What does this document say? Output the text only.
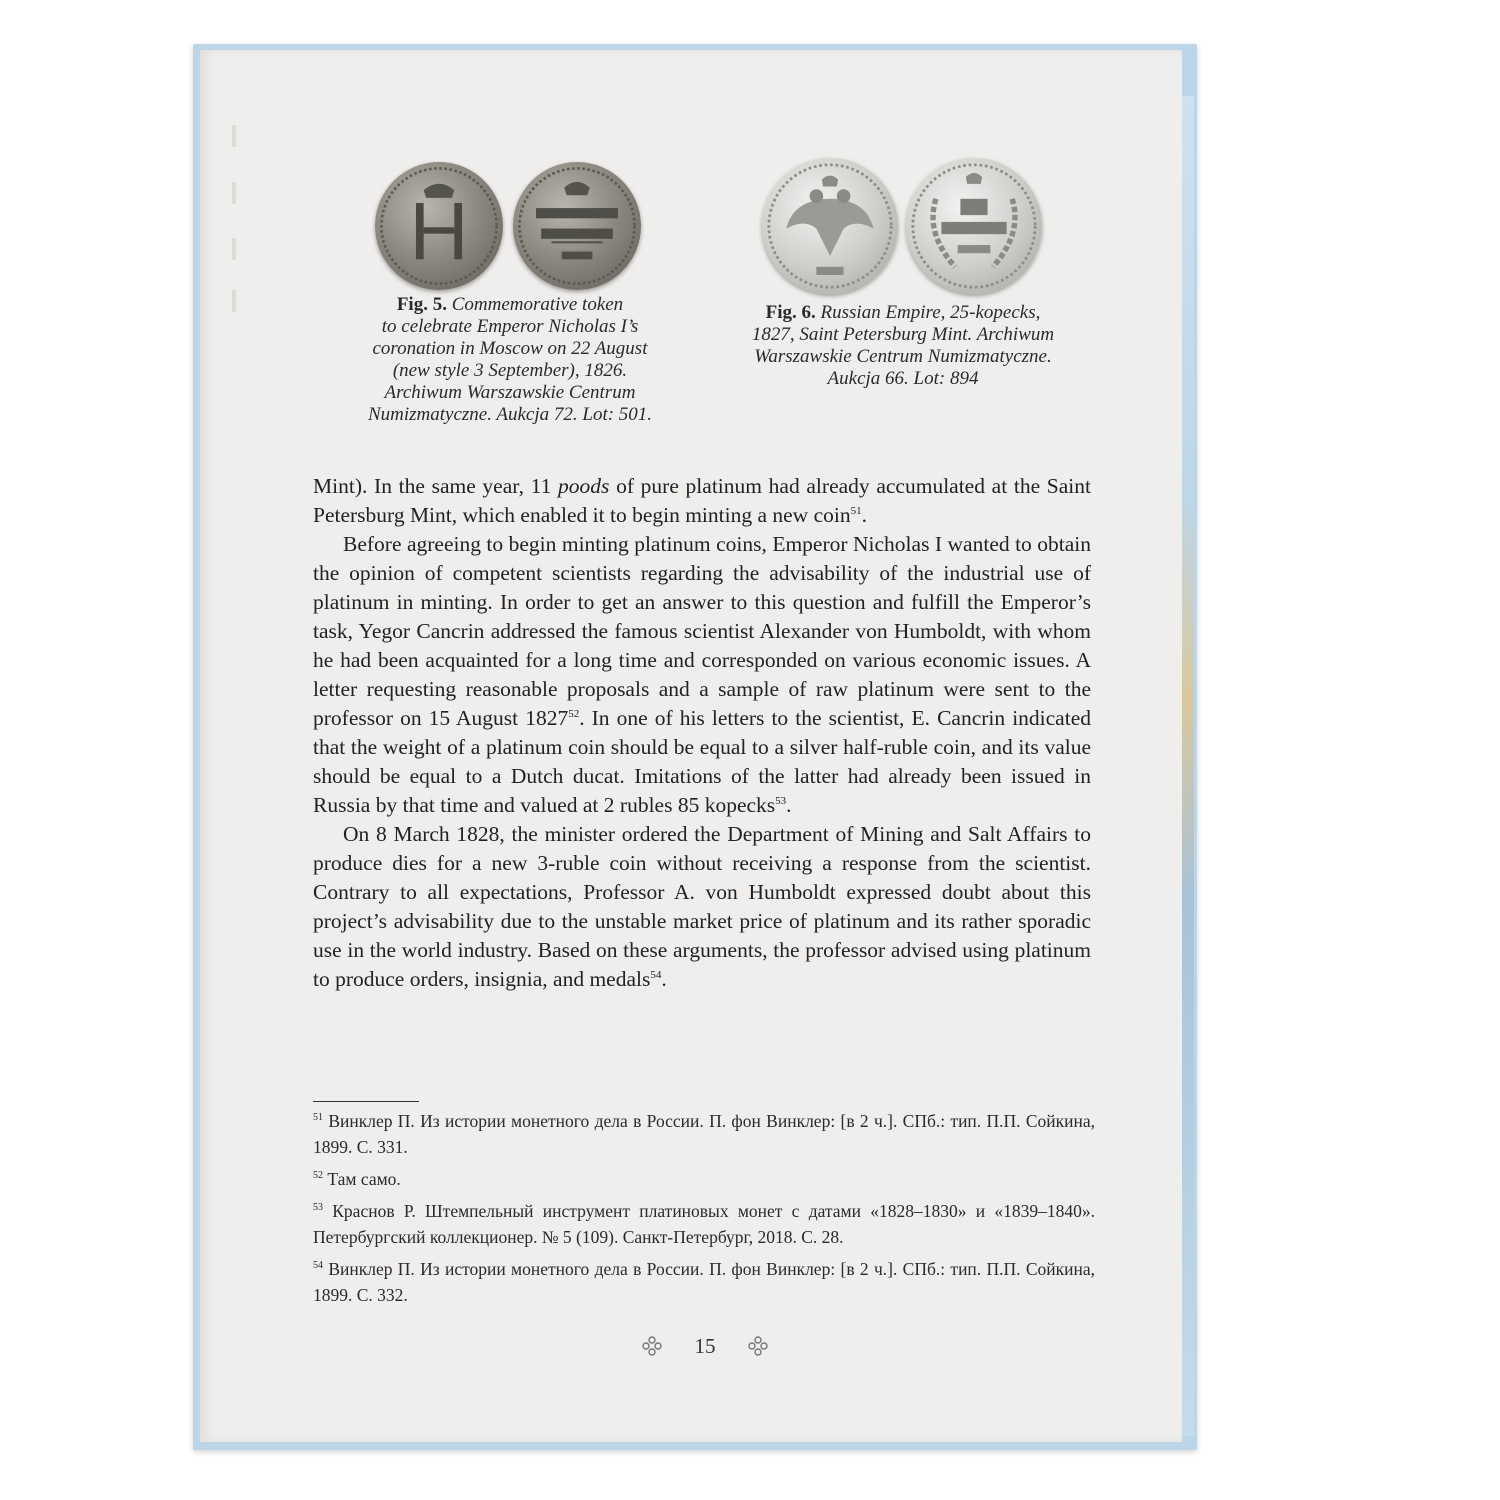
Fig. 5. Commemorative token
to celebrate Emperor Nicholas I’s
coronation in Moscow on 22 August
(new style 3 September), 1826.
Archiwum Warszawskie Centrum
Numizmatyczne. Aukcja 72. Lot: 501.
Fig. 6. Russian Empire, 25-kopecks,
1827, Saint Petersburg Mint. Archiwum
Warszawskie Centrum Numizmatyczne.
Aukcja 66. Lot: 894

Mint). In the same year, 11 poods of pure platinum had already accumulated at the Saint Petersburg Mint, which enabled it to begin minting a new coin$^{51}$.

Before agreeing to begin minting platinum coins, Emperor Nicholas I wanted to obtain the opinion of competent scientists regarding the advisability of the industrial use of platinum in minting. In order to get an answer to this question and fulfill the Emperor’s task, Yegor Cancrin addressed the famous scientist Alexander von Humboldt, with whom he had been acquainted for a long time and corresponded on various economic issues. A letter requesting reasonable proposals and a sample of raw platinum were sent to the professor on 15 August 1827$^{52}$. In one of his letters to the scientist, E. Cancrin indicated that the weight of a platinum coin should be equal to a silver half-ruble coin, and its value should be equal to a Dutch ducat. Imitations of the latter had already been issued in Russia by that time and valued at 2 rubles 85 kopecks$^{53}$.

On 8 March 1828, the minister ordered the Department of Mining and Salt Affairs to produce dies for a new 3-ruble coin without receiving a response from the scientist. Contrary to all expectations, Professor A. von Humboldt expressed doubt about this project’s advisability due to the unstable market price of platinum and its rather sporadic use in the world industry. Based on these arguments, the professor advised using platinum to produce orders, insignia, and medals$^{54}$.

$^{51}$ Винклер П. Из истории монетного дела в России. П. фон Винклер: [в 2 ч.]. СПб.: тип. П.П. Сойкина, 1899. С. 331.

$^{52}$ Там само.

$^{53}$ Краснов Р. Штемпельный инструмент платиновых монет с датами «1828–1830» и «1839–1840». Петербургский коллекционер. № 5 (109). Санкт-Петербург, 2018. С. 28.

$^{54}$ Винклер П. Из истории монетного дела в России. П. фон Винклер: [в 2 ч.]. СПб.: тип. П.П. Сойкина, 1899. С. 332.

15
